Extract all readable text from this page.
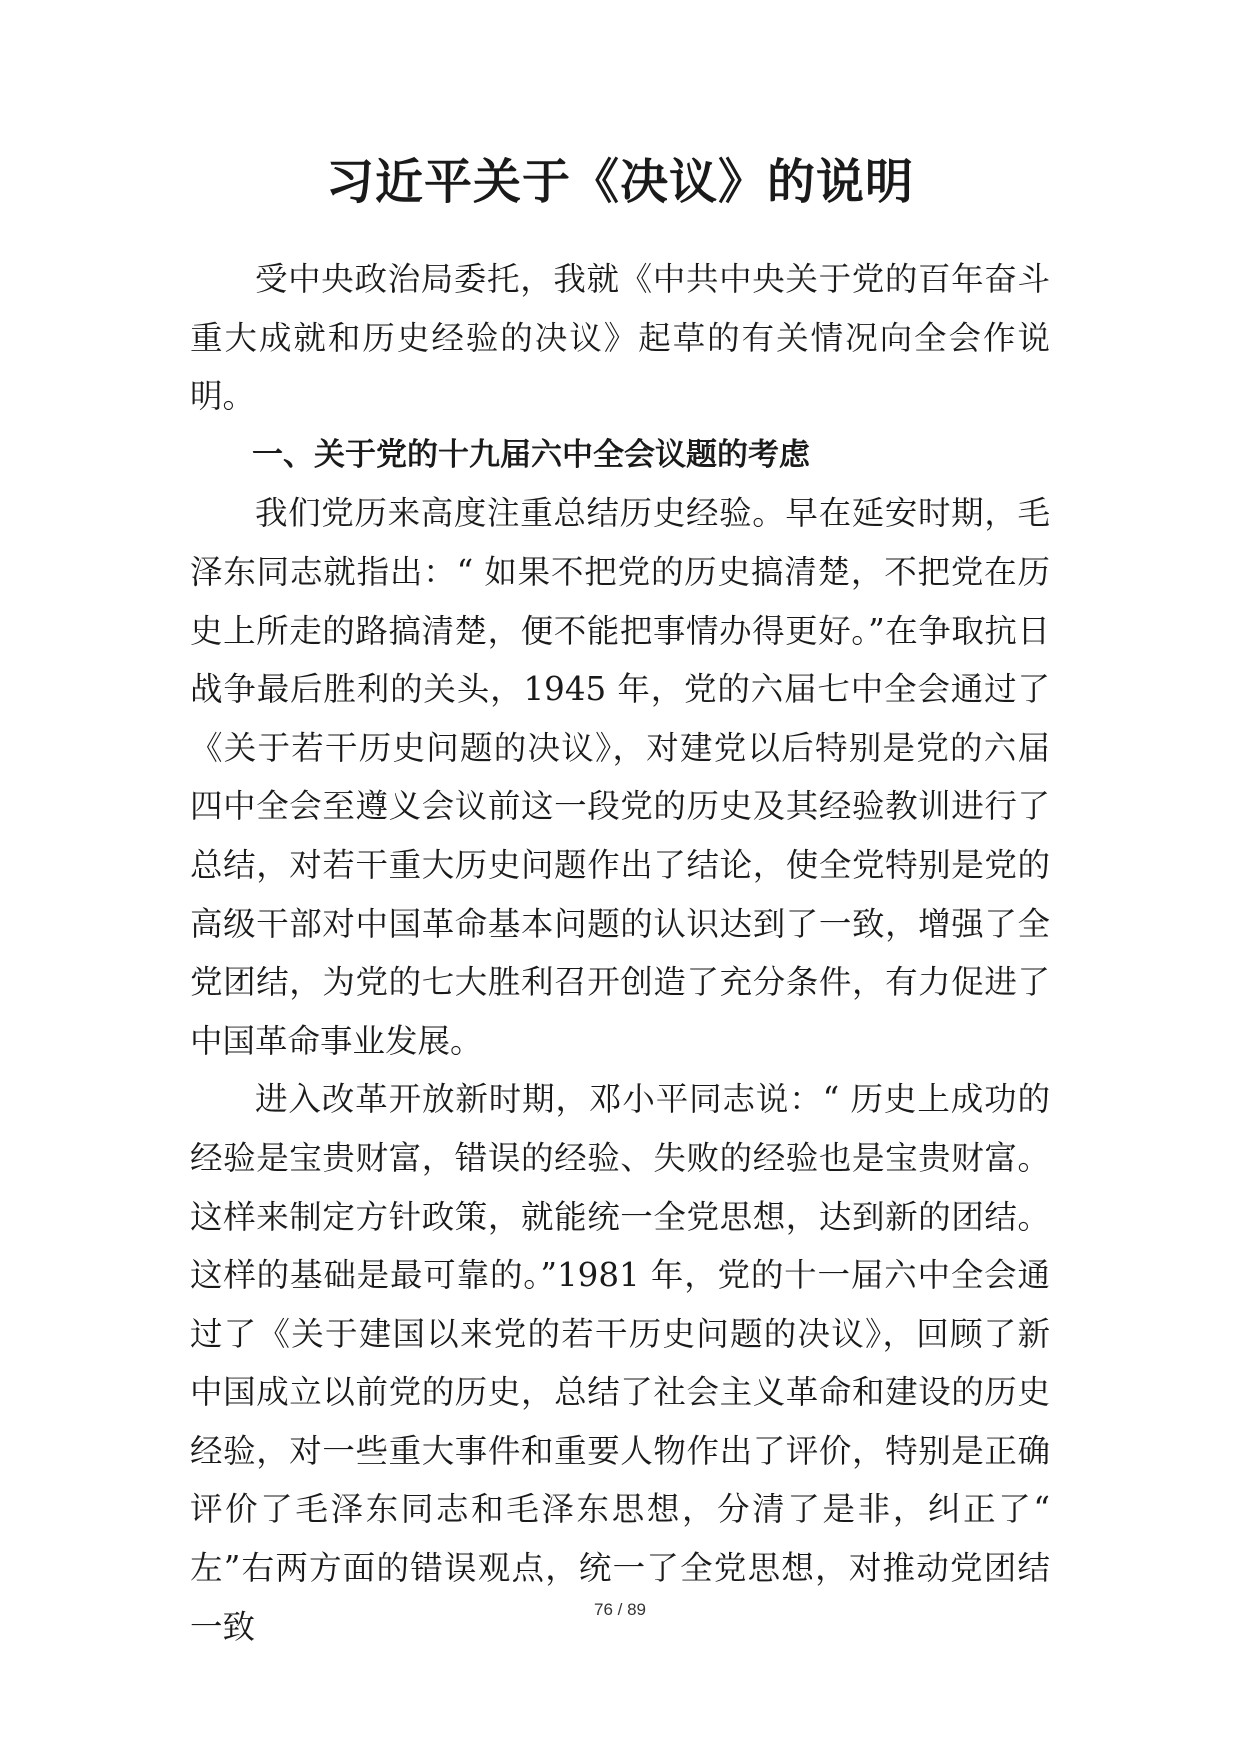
习近平关于《决议》的说明

受中央政治局委托，我就《中共中央关于党的百年奋斗重大成就和历史经验的决议》起草的有关情况向全会作说明。

一、关于党的十九届六中全会议题的考虑

我们党历来高度注重总结历史经验。早在延安时期，毛泽东同志就指出：“ 如果不把党的历史搞清楚，不把党在历史上所走的路搞清楚，便不能把事情办得更好。”在争取抗日战争最后胜利的关头，1945 年，党的六届七中全会通过了《关于若干历史问题的决议》，对建党以后特别是党的六届四中全会至遵义会议前这一段党的历史及其经验教训进行了总结，对若干重大历史问题作出了结论，使全党特别是党的高级干部对中国革命基本问题的认识达到了一致，增强了全党团结，为党的七大胜利召开创造了充分条件，有力促进了中国革命事业发展。

进入改革开放新时期，邓小平同志说：“ 历史上成功的经验是宝贵财富，错误的经验、失败的经验也是宝贵财富。这样来制定方针政策，就能统一全党思想，达到新的团结。这样的基础是最可靠的。”1981 年，党的十一届六中全会通过了《关于建国以来党的若干历史问题的决议》，回顾了新中国成立以前党的历史，总结了社会主义革命和建设的历史经验，对一些重大事件和重要人物作出了评价，特别是正确评价了毛泽东同志和毛泽东思想，分清了是非，纠正了“ 左”右两方面的错误观点，统一了全党思想，对推动党团结一致	76 / 89
